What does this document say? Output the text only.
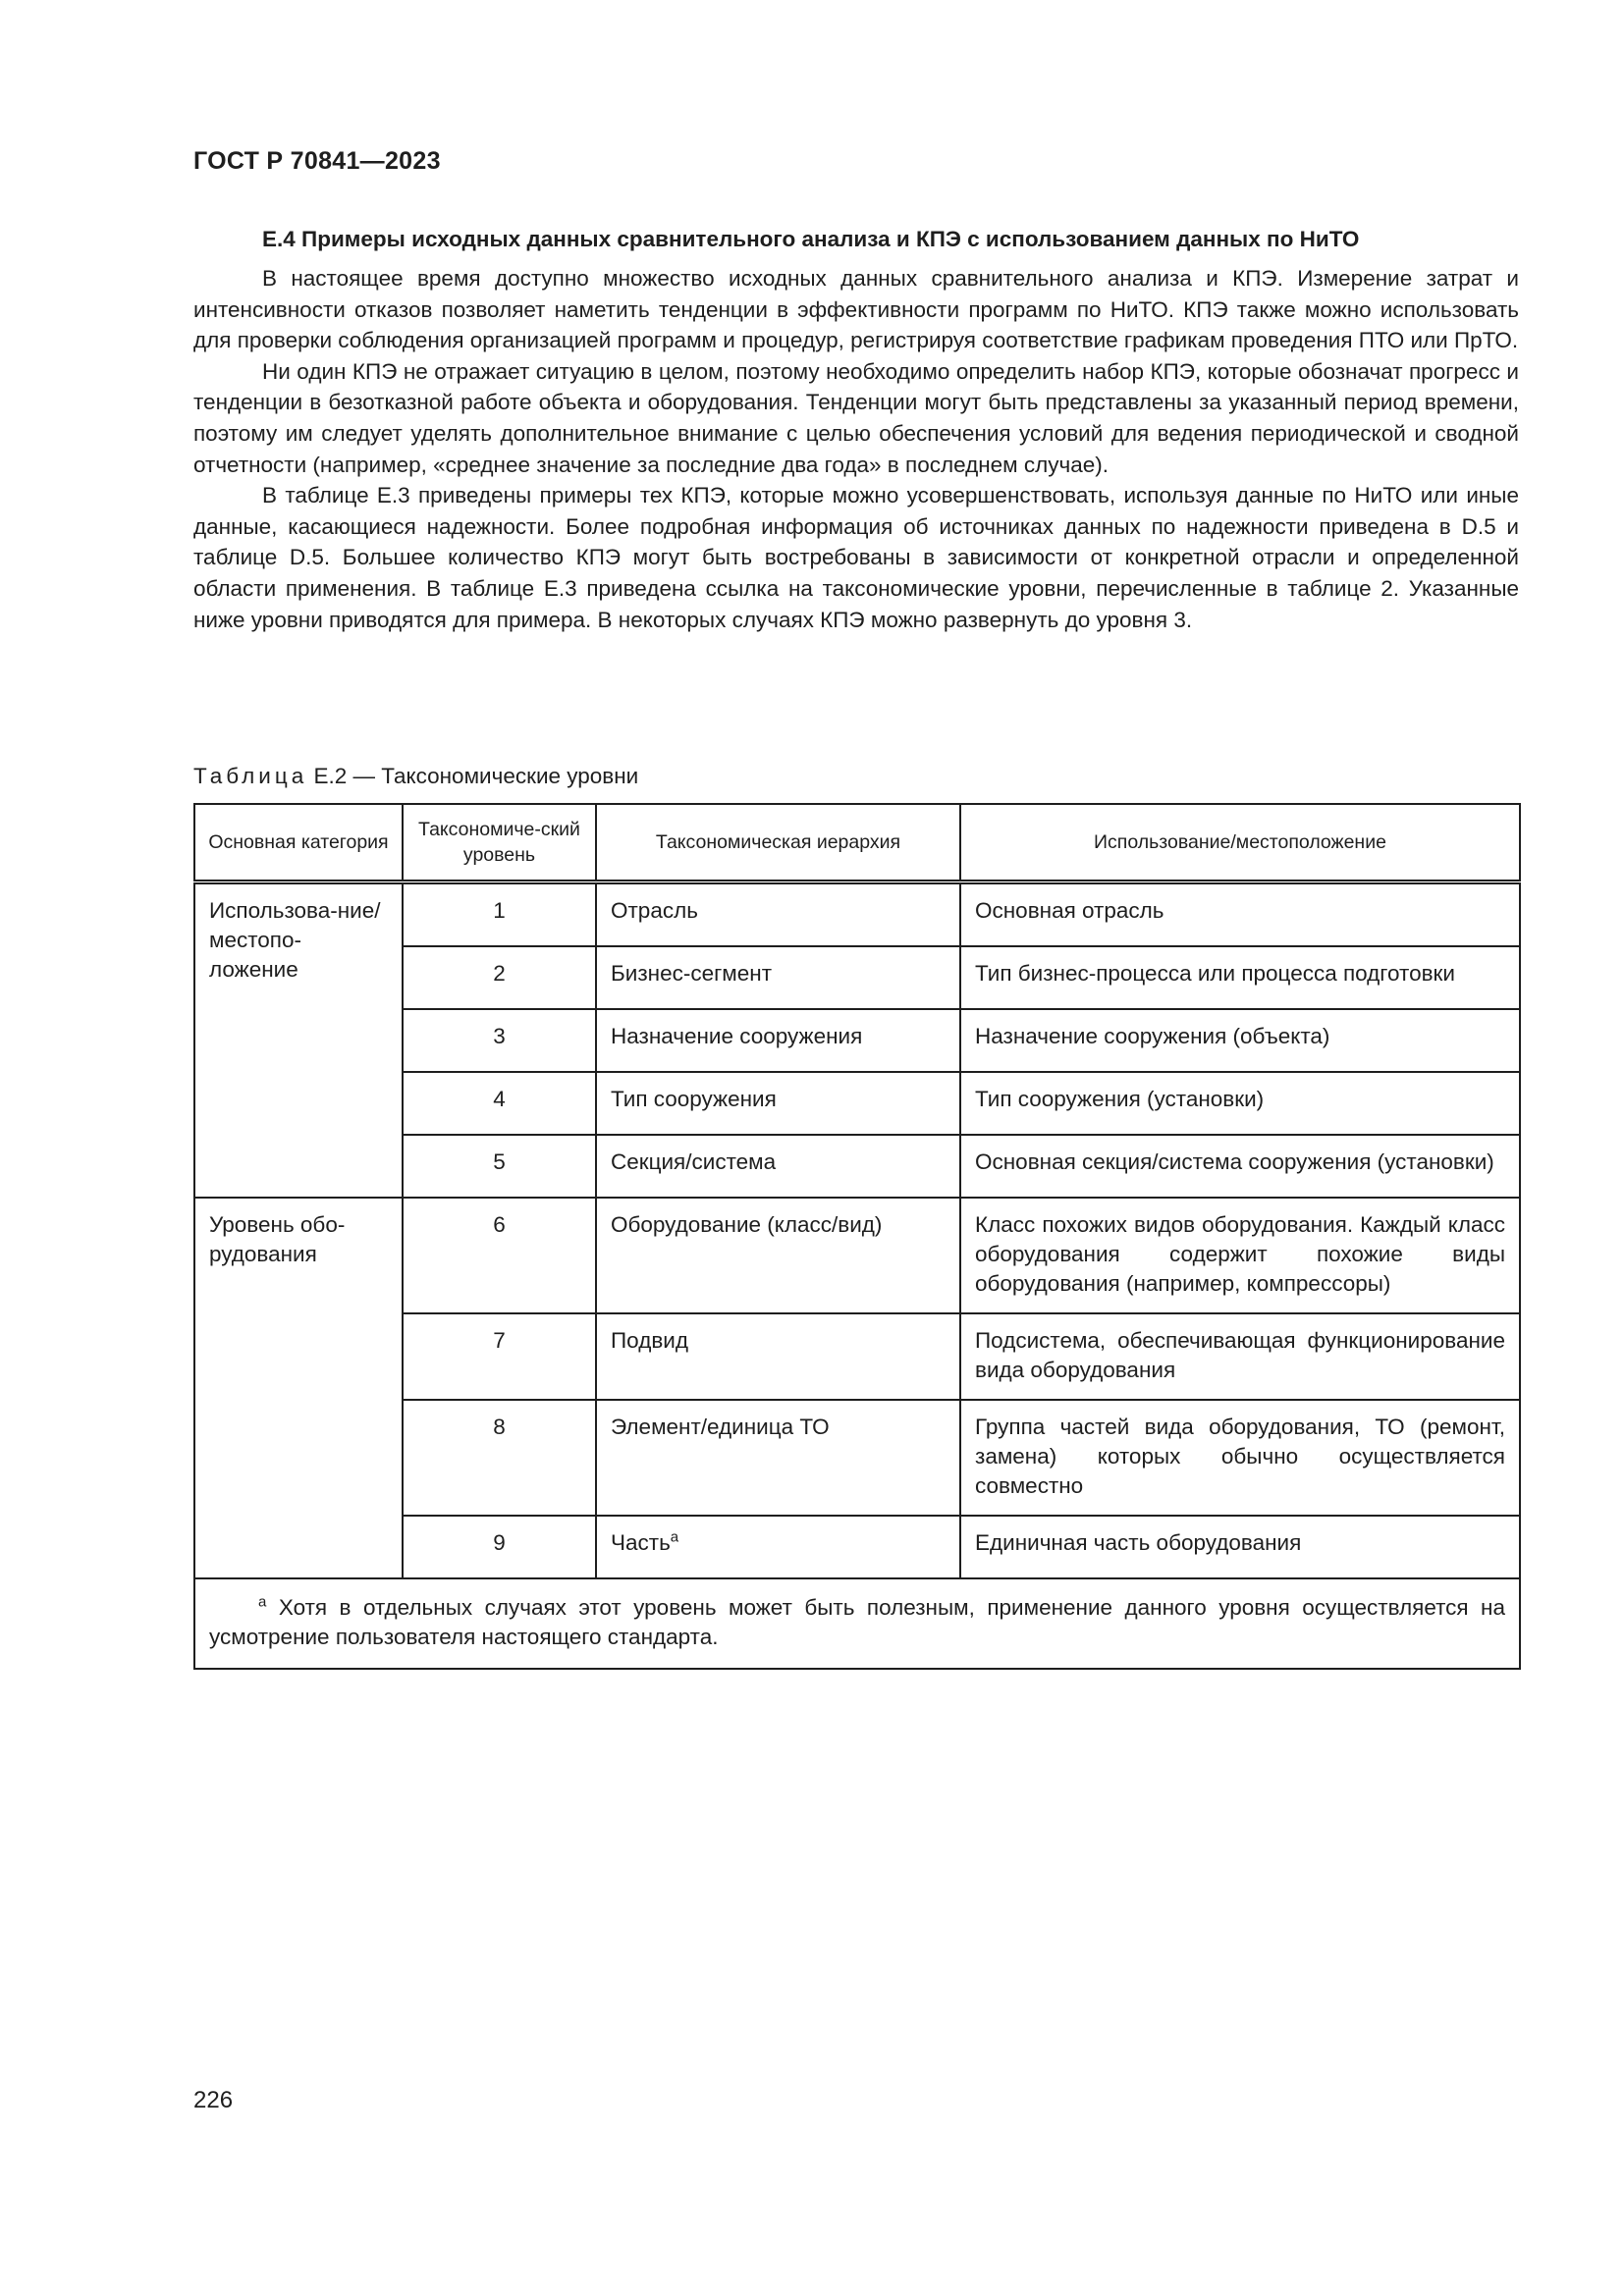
ГОСТ Р 70841—2023
Е.4 Примеры исходных данных сравнительного анализа и КПЭ с использованием данных по НиТО

В настоящее время доступно множество исходных данных сравнительного анализа и КПЭ. Измерение затрат и интенсивности отказов позволяет наметить тенденции в эффективности программ по НиТО. КПЭ также можно использовать для проверки соблюдения организацией программ и процедур, регистрируя соответствие графикам проведения ПТО или ПрТО.

Ни один КПЭ не отражает ситуацию в целом, поэтому необходимо определить набор КПЭ, которые обозначат прогресс и тенденции в безотказной работе объекта и оборудования. Тенденции могут быть представлены за указанный период времени, поэтому им следует уделять дополнительное внимание с целью обеспечения условий для ведения периодической и сводной отчетности (например, «среднее значение за последние два года» в последнем случае).

В таблице Е.3 приведены примеры тех КПЭ, которые можно усовершенствовать, используя данные по НиТО или иные данные, касающиеся надежности. Более подробная информация об источниках данных по надежности приведена в D.5 и таблице D.5. Большее количество КПЭ могут быть востребованы в зависимости от конкретной отрасли и определенной области применения. В таблице Е.3 приведена ссылка на таксономические уровни, перечисленные в таблице 2. Указанные ниже уровни приводятся для примера. В некоторых случаях КПЭ можно развернуть до уровня 3.

Таблица Е.2 — Таксономические уровни
Основная категория	Таксономиче-ский уровень	Таксономическая иерархия	Использование/местоположение
Использова-ние/местопо-ложение	1	Отрасль	Основная отрасль
	2	Бизнес-сегмент	Тип бизнес-процесса или процесса подготовки
	3	Назначение сооружения	Назначение сооружения (объекта)
	4	Тип сооружения	Тип сооружения (установки)
	5	Секция/система	Основная секция/система сооружения (установки)
Уровень обо-рудования	6	Оборудование (класс/вид)	Класс похожих видов оборудования. Каждый класс оборудования содержит похожие виды оборудования (например, компрессоры)
	7	Подвид	Подсистема, обеспечивающая функционирование вида оборудования
	8	Элемент/единица ТО	Группа частей вида оборудования, ТО (ремонт, замена) которых обычно осуществляется совместно
	9	Часть$^a$	Единичная часть оборудования
$^a$ Хотя в отдельных случаях этот уровень может быть полезным, применение данного уровня осуществляется на усмотрение пользователя настоящего стандарта.			
226
